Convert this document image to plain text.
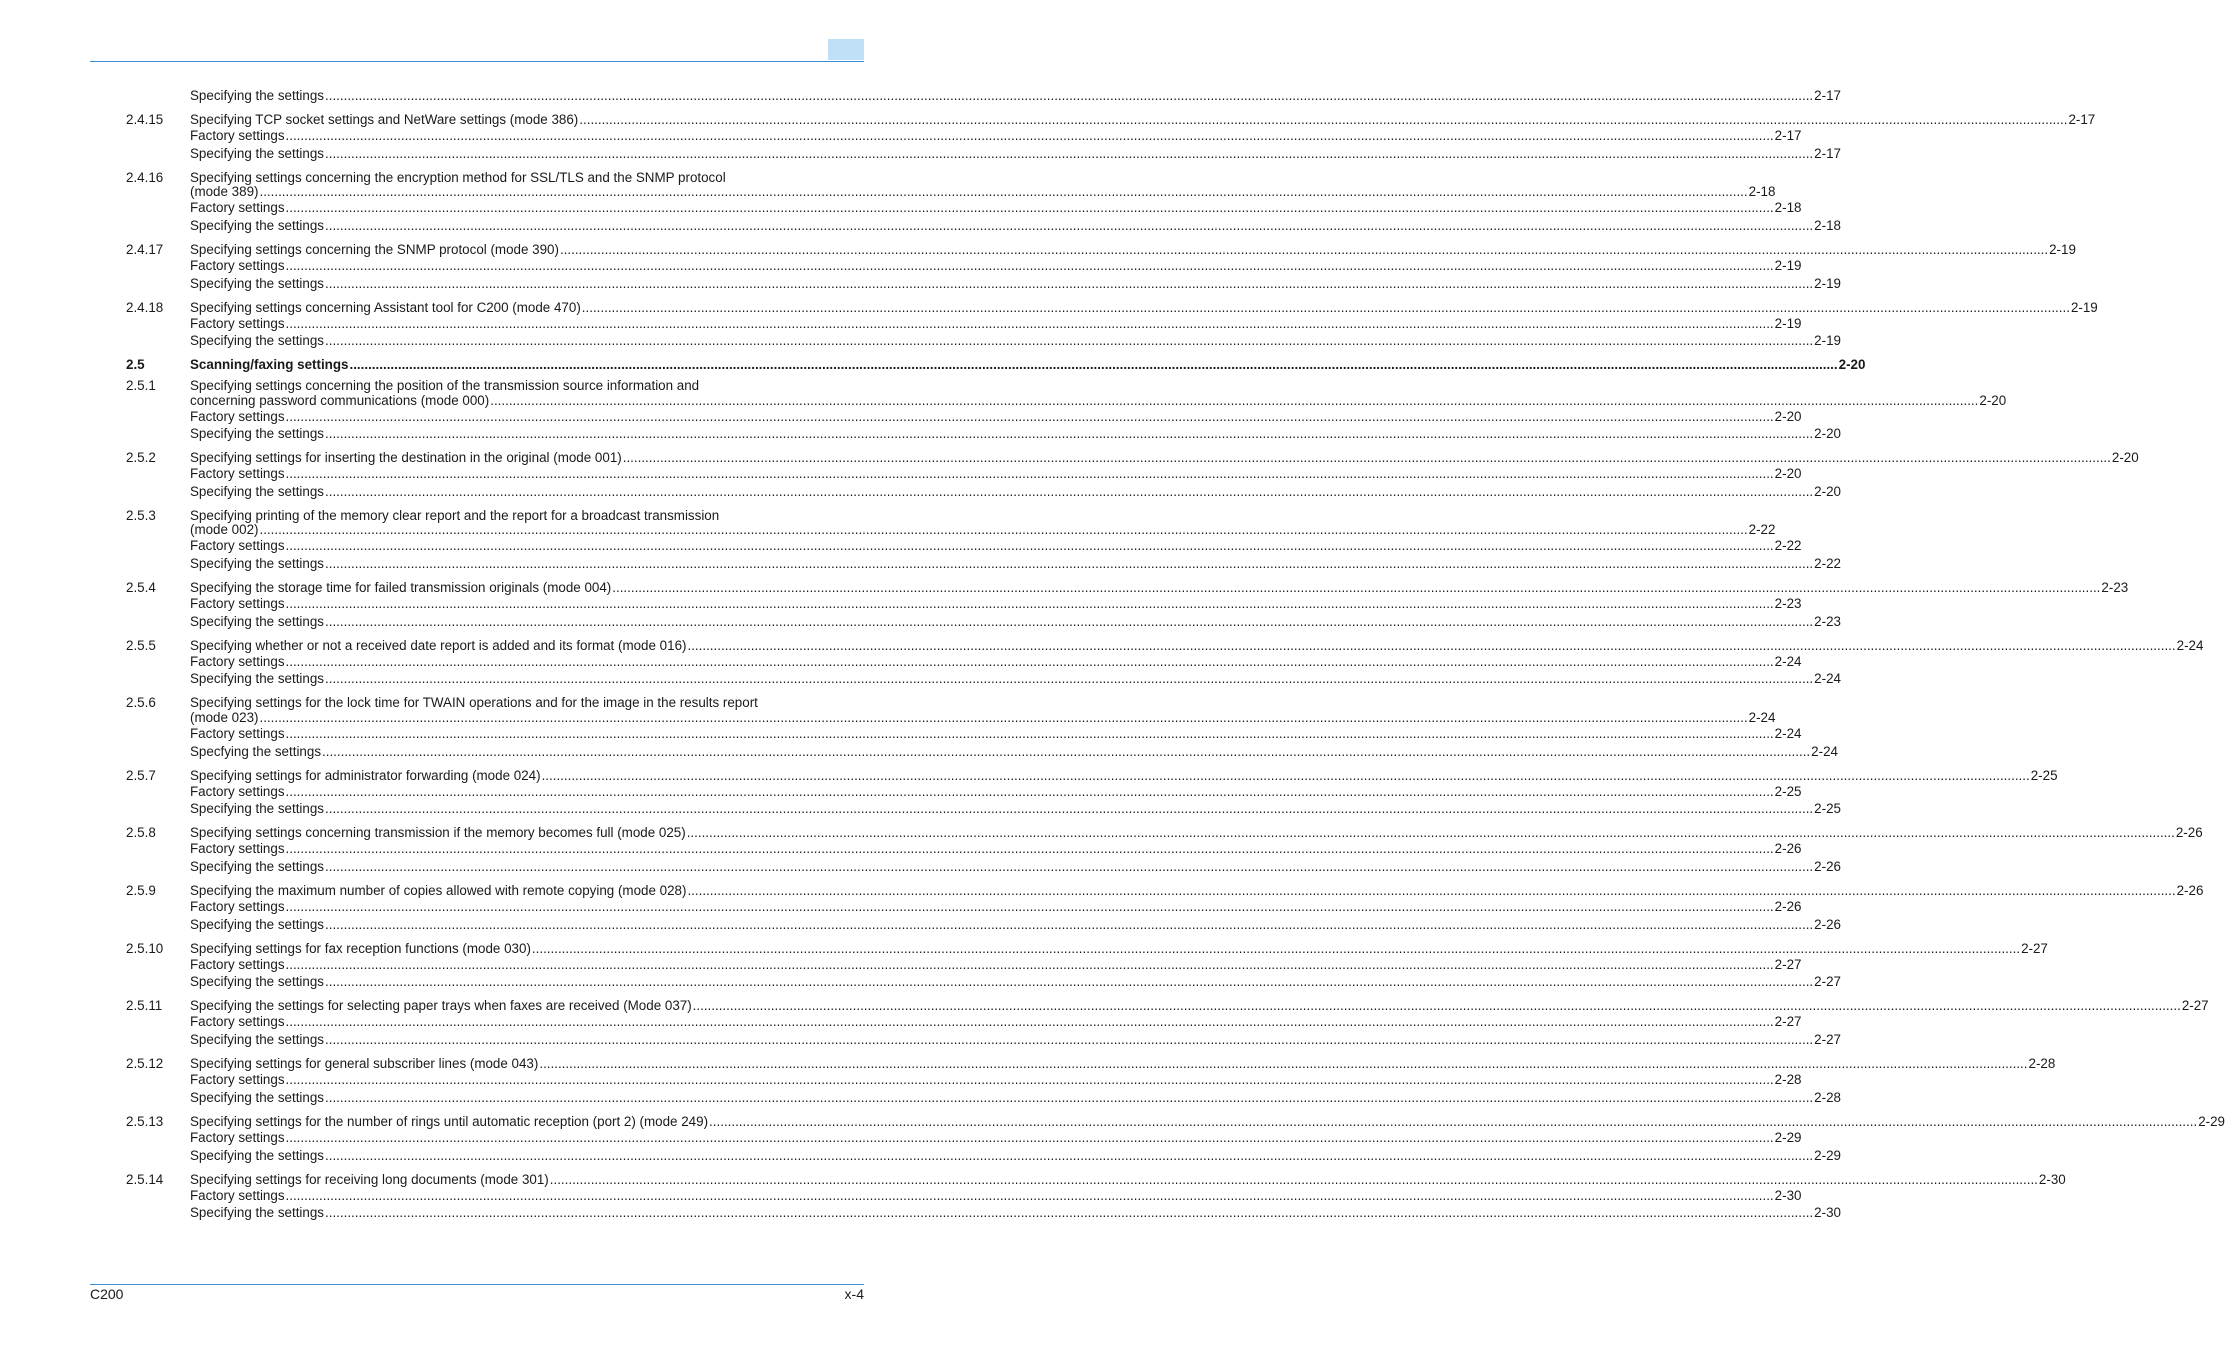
Specifying the settings ................................................................................................................................................................................................................................................................................................................................................................................................................ 2-17
2.4.15 Specifying TCP socket settings and NetWare settings (mode 386) ................................................................................................................................................................................................................................................................................................................................................................................................................ 2-17
Factory settings ................................................................................................................................................................................................................................................................................................................................................................................................................ 2-17
Specifying the settings ................................................................................................................................................................................................................................................................................................................................................................................................................ 2-17
2.4.16 Specifying settings concerning the encryption method for SSL/TLS and the SNMP protocol
(mode 389) ................................................................................................................................................................................................................................................................................................................................................................................................................ 2-18
Factory settings ................................................................................................................................................................................................................................................................................................................................................................................................................ 2-18
Specifying the settings ................................................................................................................................................................................................................................................................................................................................................................................................................ 2-18
2.4.17 Specifying settings concerning the SNMP protocol (mode 390) ................................................................................................................................................................................................................................................................................................................................................................................................................ 2-19
Factory settings ................................................................................................................................................................................................................................................................................................................................................................................................................ 2-19
Specifying the settings ................................................................................................................................................................................................................................................................................................................................................................................................................ 2-19
2.4.18 Specifying settings concerning Assistant tool for C200 (mode 470) ................................................................................................................................................................................................................................................................................................................................................................................................................ 2-19
Factory settings ................................................................................................................................................................................................................................................................................................................................................................................................................ 2-19
Specifying the settings ................................................................................................................................................................................................................................................................................................................................................................................................................ 2-19
2.5	Scanning/faxing settings ................................................................................................................................................................................................................................................................................................................................................................................................................ 2-20
2.5.1	Specifying settings concerning the position of the transmission source information and
concerning password communications (mode 000) ................................................................................................................................................................................................................................................................................................................................................................................................................ 2-20
Factory settings ................................................................................................................................................................................................................................................................................................................................................................................................................ 2-20
Specifying the settings ................................................................................................................................................................................................................................................................................................................................................................................................................ 2-20
2.5.2	Specifying settings for inserting the destination in the original (mode 001) ................................................................................................................................................................................................................................................................................................................................................................................................................ 2-20
Factory settings ................................................................................................................................................................................................................................................................................................................................................................................................................ 2-20
Specifying the settings ................................................................................................................................................................................................................................................................................................................................................................................................................ 2-20
2.5.3	Specifying printing of the memory clear report and the report for a broadcast transmission
(mode 002) ................................................................................................................................................................................................................................................................................................................................................................................................................ 2-22
Factory settings ................................................................................................................................................................................................................................................................................................................................................................................................................ 2-22
Specifying the settings ................................................................................................................................................................................................................................................................................................................................................................................................................ 2-22
2.5.4	Specifying the storage time for failed transmission originals (mode 004) ................................................................................................................................................................................................................................................................................................................................................................................................................ 2-23
Factory settings ................................................................................................................................................................................................................................................................................................................................................................................................................ 2-23
Specifying the settings ................................................................................................................................................................................................................................................................................................................................................................................................................ 2-23
2.5.5	Specifying whether or not a received date report is added and its format (mode 016) ................................................................................................................................................................................................................................................................................................................................................................................................................ 2-24
Factory settings ................................................................................................................................................................................................................................................................................................................................................................................................................ 2-24
Specifying the settings ................................................................................................................................................................................................................................................................................................................................................................................................................ 2-24
2.5.6	Specifying settings for the lock time for TWAIN operations and for the image in the results report
(mode 023) ................................................................................................................................................................................................................................................................................................................................................................................................................ 2-24
Factory settings ................................................................................................................................................................................................................................................................................................................................................................................................................ 2-24
Specfying the settings ................................................................................................................................................................................................................................................................................................................................................................................................................ 2-24
2.5.7	Specifying settings for administrator forwarding (mode 024) ................................................................................................................................................................................................................................................................................................................................................................................................................ 2-25
Factory settings ................................................................................................................................................................................................................................................................................................................................................................................................................ 2-25
Specifying the settings ................................................................................................................................................................................................................................................................................................................................................................................................................ 2-25
2.5.8	Specifying settings concerning transmission if the memory becomes full (mode 025) ................................................................................................................................................................................................................................................................................................................................................................................................................ 2-26
Factory settings ................................................................................................................................................................................................................................................................................................................................................................................................................ 2-26
Specifying the settings ................................................................................................................................................................................................................................................................................................................................................................................................................ 2-26
2.5.9	Specifying the maximum number of copies allowed with remote copying (mode 028) ................................................................................................................................................................................................................................................................................................................................................................................................................ 2-26
Factory settings ................................................................................................................................................................................................................................................................................................................................................................................................................ 2-26
Specifying the settings ................................................................................................................................................................................................................................................................................................................................................................................................................ 2-26
2.5.10 Specifying settings for fax reception functions (mode 030) ................................................................................................................................................................................................................................................................................................................................................................................................................ 2-27
Factory settings ................................................................................................................................................................................................................................................................................................................................................................................................................ 2-27
Specifying the settings ................................................................................................................................................................................................................................................................................................................................................................................................................ 2-27
2.5.11 Specifying the settings for selecting paper trays when faxes are received (Mode 037) ................................................................................................................................................................................................................................................................................................................................................................................................................ 2-27
Factory settings ................................................................................................................................................................................................................................................................................................................................................................................................................ 2-27
Specifying the settings ................................................................................................................................................................................................................................................................................................................................................................................................................ 2-27
2.5.12 Specifying settings for general subscriber lines (mode 043) ................................................................................................................................................................................................................................................................................................................................................................................................................ 2-28
Factory settings ................................................................................................................................................................................................................................................................................................................................................................................................................ 2-28
Specifying the settings ................................................................................................................................................................................................................................................................................................................................................................................................................ 2-28
2.5.13 Specifying settings for the number of rings until automatic reception (port 2) (mode 249) ................................................................................................................................................................................................................................................................................................................................................................................................................ 2-29
Factory settings ................................................................................................................................................................................................................................................................................................................................................................................................................ 2-29
Specifying the settings ................................................................................................................................................................................................................................................................................................................................................................................................................ 2-29
2.5.14 Specifying settings for receiving long documents (mode 301) ................................................................................................................................................................................................................................................................................................................................................................................................................ 2-30
Factory settings ................................................................................................................................................................................................................................................................................................................................................................................................................ 2-30
Specifying the settings ................................................................................................................................................................................................................................................................................................................................................................................................................ 2-30
C200	x-4
